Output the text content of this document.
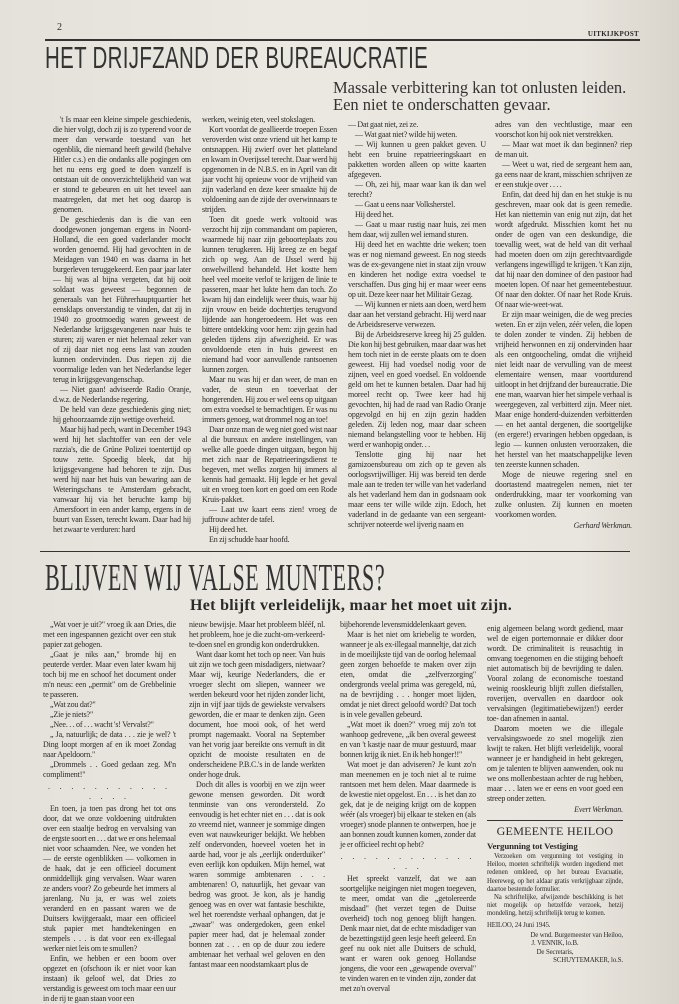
2
UITKIJKPOST
HET DRIJFZAND DER BUREAUCRATIE
Massale verbittering kan tot onlusten leiden.
Een niet te onderschatten gevaar.

't Is maar een kleine simpele geschiedenis, die hier volgt, doch zij is zo typerend voor de meer dan verwarde toestand van het ogenblik, die niemand heeft gewild (behalve Hitler c.s.) en die ondanks alle pogingen om het nu eens erg goed te doen vanzelf is ontstaan uit de onoverzichtelijkheid van wat er stond te gebeuren en uit het teveel aan maatregelen, dat met het oog daarop is genomen.

De geschiedenis dan is die van een doodgewonen jongeman ergens in Noord-Holland, die een goed vaderlander mocht worden genoemd. Hij had gevochten in de Meidagen van 1940 en was daarna in het burgerleven teruggekeerd. Een paar jaar later — hij was al bijna vergeten, dat hij ooit soldaat was geweest — begonnen de generaals van het Führerhauptquartier het eensklaps onverstandig te vinden, dat zij in 1940 zo grootmoedig waren geweest de Nederlandse krijgsgevangenen naar huis te sturen; zij waren er niet helemaal zeker van of zij daar niet nog eens last van zouden kunnen ondervinden. Dus riepen zij die voormalige leden van het Nederlandse leger terug in krijgsgevangenschap.

— Niet gaan! adviseerde Radio Oranje, d.w.z. de Nederlandse regering.

De held van deze geschiedenis ging niet; hij gehoorzaamde zijn wettige overheid.

Maar hij had pech, want in December 1943 werd hij het slachtoffer van een der vele razzia's, die de Grüne Polizei toentertijd op touw zette. Spoedig bleek, dat hij krijgsgevangene had behoren te zijn. Dus werd hij naar het huis van bewaring aan de Weteringschans te Amsterdam gebracht, vanwaar hij via het beruchte kamp bij Amersfoort in een ander kamp, ergens in de buurt van Essen, terecht kwam. Daar had hij het zwaar te verduren: hard

werken, weinig eten, veel stokslagen.

Kort voordat de geallieerde troepen Essen veroverden wist onze vriend uit het kamp te ontsnappen. Hij zwierf over het platteland en kwam in Overijssel terecht. Daar werd hij opgenomen in de N.B.S. en in April van dit jaar vocht hij opnieuw voor de vrijheid van zijn vaderland en deze keer smaakte hij de voldoening aan de zijde der overwinnaars te strijden.

Toen dit goede werk voltooid was verzocht hij zijn commandant om papieren, waarmede hij naar zijn geboorteplaats zou kunnen terugkeren. Hij kreeg ze en begaf zich op weg. Aan de IJssel werd hij onwelwillend behandeld. Het kostte hem heel veel moeite verlof te krijgen de linie te passeren, maar het lukte hem dan toch. Zo kwam hij dan eindelijk weer thuis, waar hij zijn vrouw en beide dochtertjes terugvond lijdende aan hongeroedeem. Het was een bittere ontdekking voor hem: zijn gezin had geleden tijdens zijn afwezigheid. Er was onvoldoende eten in huis geweest en niemand had voor aanvullende rantsoenen kunnen zorgen.

Maar nu was hij er dan weer, de man en vader, de steun en toeverlaat der hongerenden. Hij zou er wel eens op uitgaan om extra voedsel te bemachtigen. Er was nu immers genoeg, wat drommel nog an toe!

Daar onze man de weg niet goed wist naar al die bureaux en andere instellingen, van welke alle goede dingen uitgaan, begon hij met zich naar de Repatrieeringsdienst te begeven, met welks zorgen hij immers al kennis had gemaakt. Hij legde er het geval uit en vroeg toen kort en goed om een Rode Kruis-pakket.

— Laat uw kaart eens zien! vroeg de juffrouw achter de tafel.

Hij deed het.

En zij schudde haar hoofd.

— Dat gaat niet, zei ze.

— Wat gaat niet? wilde hij weten.

— Wij kunnen u geen pakket geven. U hebt een bruine repatrieeringskaart en pakketten worden alleen op witte kaarten afgegeven.

— Oh, zei hij, maar waar kan ik dan wel terecht?

— Gaat u eens naar Volksherstel.

Hij deed het.

— Gaat u maar rustig naar huis, zei men hem daar, wij zullen wel iemand sturen.

Hij deed het en wachtte drie weken; toen was er nog niemand geweest. En nog steeds was de ex-gevangene niet in staat zijn vrouw en kinderen het nodige extra voedsel te verschaffen. Dus ging hij er maar weer eens op uit. Deze keer naar het Militair Gezag.

— Wij kunnen er niets aan doen, werd hem daar aan het verstand gebracht. Hij werd naar de Arbeidsreserve verwezen.

Bij de Arbeidsreserve kreeg hij 25 gulden. Die kon hij best gebruiken, maar daar was het hem toch niet in de eerste plaats om te doen geweest. Hij had voedsel nodig voor de zijnen, veel en goed voedsel. En voldoende geld om het te kunnen betalen. Daar had hij moreel recht op. Twee keer had hij gevochten, hij had de raad van Radio Oranje opgevolgd en hij en zijn gezin hadden geleden. Zij leden nog, maar daar scheen niemand belangstelling voor te hebben. Hij werd er wanhopig onder. . .

Tenslotte ging hij naar het garnizoensbureau om zich op te geven als oorlogsvrijwilliger. Hij was bereid ten derde male aan te treden ter wille van het vaderland als het vaderland hem dan in godsnaam ook maar eens ter wille wilde zijn. Edoch, het vaderland in de gedaante van een sergeant-schrijver noteerde wel ijverig naam en

adres van den vechtlustige, maar een voorschot kon hij ook niet verstrekken.

— Maar wat moet ik dan beginnen? riep de man uit.

— Weet u wat, ried de sergeant hem aan, ga eens naar de krant, misschien schrijven ze er een stukje over . . . .

Enfin, dat deed hij dan en het stukje is nu geschreven, maar ook dat is geen remedie. Het kan niettemin van enig nut zijn, dat het wordt afgedrukt. Misschien komt het nu onder de ogen van een deskundige, die toevallig weet, wat de held van dit verhaal had moeten doen om zijn gerechtvaardigde verlangens ingewilligd te krijgen. 't Kan zijn, dat hij naar den dominee of den pastoor had moeten lopen. Of naar het gemeentebestuur. Of naar den dokter. Of naar het Rode Kruis. Of naar wie-weet-wat.

Er zijn maar weinigen, die de weg precies weten. En er zijn velen, zéér velen, die lopen te dolen zonder te vinden. Zij hebben de vrijheid herwonnen en zij ondervinden haar als een ontgoocheling, omdat die vrijheid niet leidt naar de vervulling van de meest elementaire wensen, maar voortdurend uitloopt in het drijfzand der bureaucratie. Die ene man, waarvan hier het simpele verhaal is weergegeven, zal verbitterd zijn. Meer niet. Maar enige honderd-duizenden verbitterden — en het aantal dergenen, die soortgelijke (en ergere!) ervaringen hebben opgedaan, is legio — kunnen onlusten veroorzaken, die het herstel van het maatschappelijke leven ten zeerste kunnen schaden.

Moge de nieuwe regering snel en doortastend maatregelen nemen, niet ter onderdrukking, maar ter voorkoming van zulke onlusten. Zij kunnen en moeten voorkomen worden.

Gerhard Werkman.

BLIJVEN WIJ VALSE MUNTERS?
Het blijft verleidelijk, maar het moet uit zijn.

„Wat voer je uit?" vroeg ik aan Dries, die met een ingespannen gezicht over een stuk papier zat gebogen.

„Gaat je niks aan," bromde hij en peuterde verder. Maar even later kwam hij toch bij me en schoof het document onder m'n neus: een „permit" om de Grebbelinie te passeren.

„Wat zou dat?"

„Zie je niets?"

„Nee. . . of . . . wacht 's! Vervalst?"

„ Ja, natuurlijk; de data . . . zie je wel? 't Ding loopt morgen af en ik moet Zondag naar Apeldoorn."

„Drommels . . Goed gedaan zeg. M'n compliment!"

. . . . . . . . . . . . . . .

En toen, ja toen pas drong het tot ons door, dat we onze voldoening uitdrukten over een staaltje bedrog en vervalsing van de ergste soort en . . . dat we er ons helemaal niet voor schaamden. Nee, we vonden het — de eerste ogenblikken — volkomen in de haak, dat je een officieel document onmiddellijk ging vervalsen. Waar waren ze anders voor? Zo gebeurde het immers al jarenlang. Nu ja, er was wel zoiets veranderd en en passant waren we de Duitsers kwijtgeraakt, maar een officieel stuk papier met handtekeningen en stempels . . . is dat voor een ex-illegaal werker niet leis om te smullen?

Enfin, we hebben er een boom over opgezet en (ofschoon ik er niet voor kan instaan) ik geloof wel, dat Dries zo verstandig is geweest om toch maar een uur in de rij te gaan staan voor een

nieuw bewijsje. Maar het probleem blééf, nl. het probleem, hoe je die zucht-om-verkeerd-te-doen snel en grondig kon onderdrukken.

Want daar komt het toch op neer. Van huis uit zijn we toch geen misdadigers, nietwaar? Maar wij, keurige Nederlanders, die er vroeger slecht om sliepen, wanneer we werden bekeurd voor het rijden zonder licht, zijn in vijf jaar tijds de gewiekste vervalsers geworden, die er maar te denken zijn. Geen document, hoe mooi ook, of het werd prompt nagemaakt. Vooral na September van het vorig jaar bereikte ons vernuft in dit opzicht de mooiste resultaten en de onderscheidene P.B.C.'s in de lande werkten onder hoge druk.

Doch dit alles is voorbij en we zijn weer gewone mensen geworden. Dit wordt tenminste van ons verondersteld. Zo eenvoudig is het echter niet en . . . dat is ook zo vreemd niet, wanneer je sommige dingen even wat nauwkeuriger bekijkt. We hebben zelf ondervonden, hoeveel voeten het in aarde had, voor je als „eerlijk onderduiker" even eerlijk kon opduiken. Mijn hemel, wat waren sommige ambtenaren . . . ambtenaren! O, natuurlijk, het gevaar van bedrog was groot. Je kon, als je handig genoeg was en over wat fantasie beschikte, wel het roerendste verhaal ophangen, dat je „zwaar" was ondergedoken, geen enkel papier meer had, dat je helemaal zonder bonnen zat . . . en op de duur zou iedere ambtenaar het verhaal wel geloven en den fantast maar een noodstamkaart plus de

bijbehorende levensmiddelenkaart geven.

Maar is het niet om kriebelig te worden, wanneer je als ex-illegaal manneltje, dat zich in de moeilijkste tijd van de oorlog helemaal geen zorgen behoefde te maken over zijn eten, omdat die „zelfverzorging" ondergronds veelal prima was geregeld, nú, na de bevrijding . . . honger moet lijden, omdat je niet direct geloofd wordt? Dat toch is in vele gevallen gebeurd.

„Wat moet ik doen?" vroeg mij zo'n tot wanhoop gedrevene, „ik ben overal geweest en van 't kastje naar de muur gestuurd, maar bonnen krijg ik niet. En ik heb honger!!"

Wat moet je dan adviseren? Je kunt zo'n man meenemen en je toch niet al te ruime rantsoen met hem delen. Maar daarmede is de kwestie niet opgelost. En . . . is het dan zo gek, dat je de neiging krijgt om de koppen wéér (als vroeger) bij elkaar te steken en (als vroeger) snode plannen te ontwerpen, hoe je aan bonnen zoudt kunnen komen, zonder dat je er officieel recht op hebt?

. . . . . . . . . . . . . . .

Het spreekt vanzelf, dat we aan soortgelijke neigingen niet mogen toegeven, te meer, omdat van die „getolereerde misdaad" (het verzet tegen de Duitse overheid) toch nog genoeg blijft hangen. Denk maar niet, dat de echte misdadiger van de bezettingstijd geen lesje heeft geleerd. En geef nu ook niet alle Duitsers de schuld, want er waren ook genoeg Hollandse jongens, die voor een „gewapende overval" te vinden waren en te vinden zijn, zonder dat met zo'n overval

enig algemeen belang wordt gediend, maar wel de eigen portemonnaie er dikker door wordt. De criminaliteit is reusachtig in omvang toegenomen en die stijging behoeft niet automatisch bij de bevrijding te dalen. Vooral zolang de economische toestand weinig rooskleurig blijft zullen diefstallen, roverijen, overvallen en daardoor ook vervalsingen (legitimatiebewijzen!) eerder toe- dan afnemen in aantal.

Daarom moeten we die illegale vervalsingswoede zo snel mogelijk zien kwijt te raken. Het blijft verleidelijk, vooral wanneer je er handigheid in hebt gekregen, om je talenten te blijven aanwenden, ook nu we ons mollenbestaan achter de rug hebben, maar . . . laten we er eens en voor goed een streep onder zetten.

Evert Werkman.

GEMEENTE HEILOO
Vergunning tot Vestiging

Verzoeken om vergunning tot vestiging in Heiloo, moeten schriftelijk worden ingediend met redenen omkleed, op het bureau Evacuatie, Heereweg, op het aldaar gratis verkrijgbaar zijnde, daartoe bestemde formulier.

Na schriftelijke, afwijzende beschikking is het niet mogelijk op hetzelfde verzoek, hetzij mondeling, hetzij schriftelijk terug te komen.

HEILOO, 24 Juni 1945.

De wnd. Burgemeester van Heiloo,

J. VENNIK, lo.B.

De Secretaris,

SCHUYTEMAKER, lo.S.
